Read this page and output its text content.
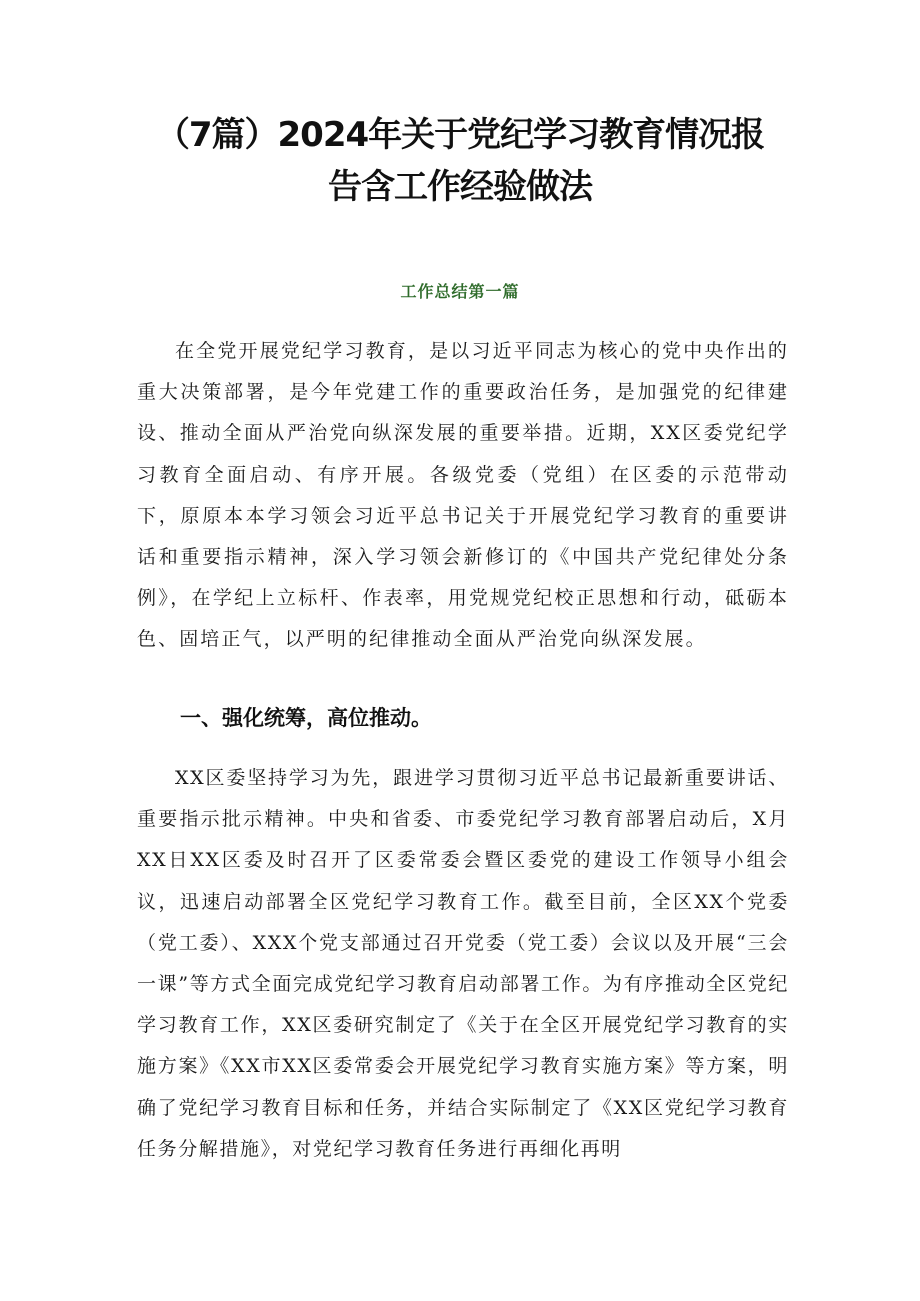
（7篇）2024年关于党纪学习教育情况报
告含工作经验做法
工作总结第一篇

在全党开展党纪学习教育，是以习近平同志为核心的党中央作出的重大决策部署，是今年党建工作的重要政治任务，是加强党的纪律建设、推动全面从严治党向纵深发展的重要举措。近期，XX区委党纪学习教育全面启动、有序开展。各级党委（党组）在区委的示范带动下，原原本本学习领会习近平总书记关于开展党纪学习教育的重要讲话和重要指示精神，深入学习领会新修订的《中国共产党纪律处分条例》，在学纪上立标杆、作表率，用党规党纪校正思想和行动，砥砺本色、固培正气，以严明的纪律推动全面从严治党向纵深发展。

一、强化统筹，高位推动。

XX区委坚持学习为先，跟进学习贯彻习近平总书记最新重要讲话、重要指示批示精神。中央和省委、市委党纪学习教育部署启动后，X月XX日XX区委及时召开了区委常委会暨区委党的建设工作领导小组会议，迅速启动部署全区党纪学习教育工作。截至目前，全区XX个党委（党工委）、XXX个党支部通过召开党委（党工委）会议以及开展“三会一课”等方式全面完成党纪学习教育启动部署工作。为有序推动全区党纪学习教育工作，XX区委研究制定了《关于在全区开展党纪学习教育的实施方案》《XX市XX区委常委会开展党纪学习教育实施方案》等方案，明确了党纪学习教育目标和任务，并结合实际制定了《XX区党纪学习教育任务分解措施》，对党纪学习教育任务进行再细化再明
